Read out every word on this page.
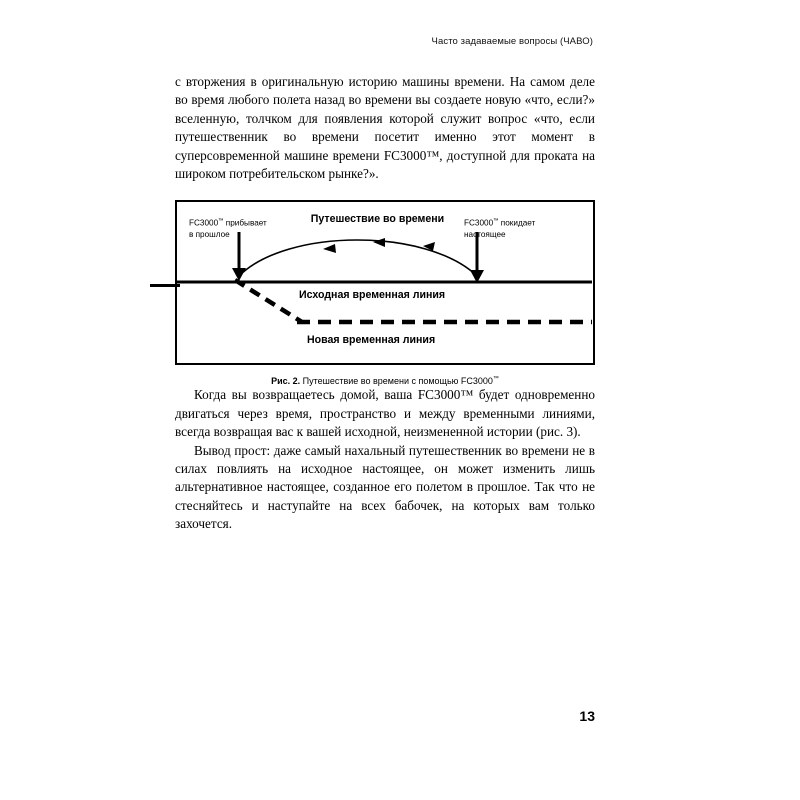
Часто задаваемые вопросы (ЧАВО)

с вторжения в оригинальную историю машины времени. На самом деле во время любого полета назад во времени вы создаете новую «что, если?» вселенную, толчком для появления которой служит вопрос «что, если путешественник во времени посетит именно этот момент в суперсовременной машине времени FC3000™, доступной для проката на широком потребительском рынке?».

FC3000™ прибывает
в прошлое
FC3000™ покидает
настоящее
Путешествие во времени
Исходная временная линия
Новая временная линия
Рис. 2. Путешествие во времени с помощью FC3000™

Когда вы возвращаетесь домой, ваша FC3000™ будет одновременно двигаться через время, пространство и между временными линиями, всегда возвращая вас к вашей исходной, неизмененной истории (рис. 3).

Вывод прост: даже самый нахальный путешественник во времени не в силах повлиять на исходное настоящее, он может изменить лишь альтернативное настоящее, созданное его полетом в прошлое. Так что не стесняйтесь и наступайте на всех бабочек, на которых вам только захочется.

13
